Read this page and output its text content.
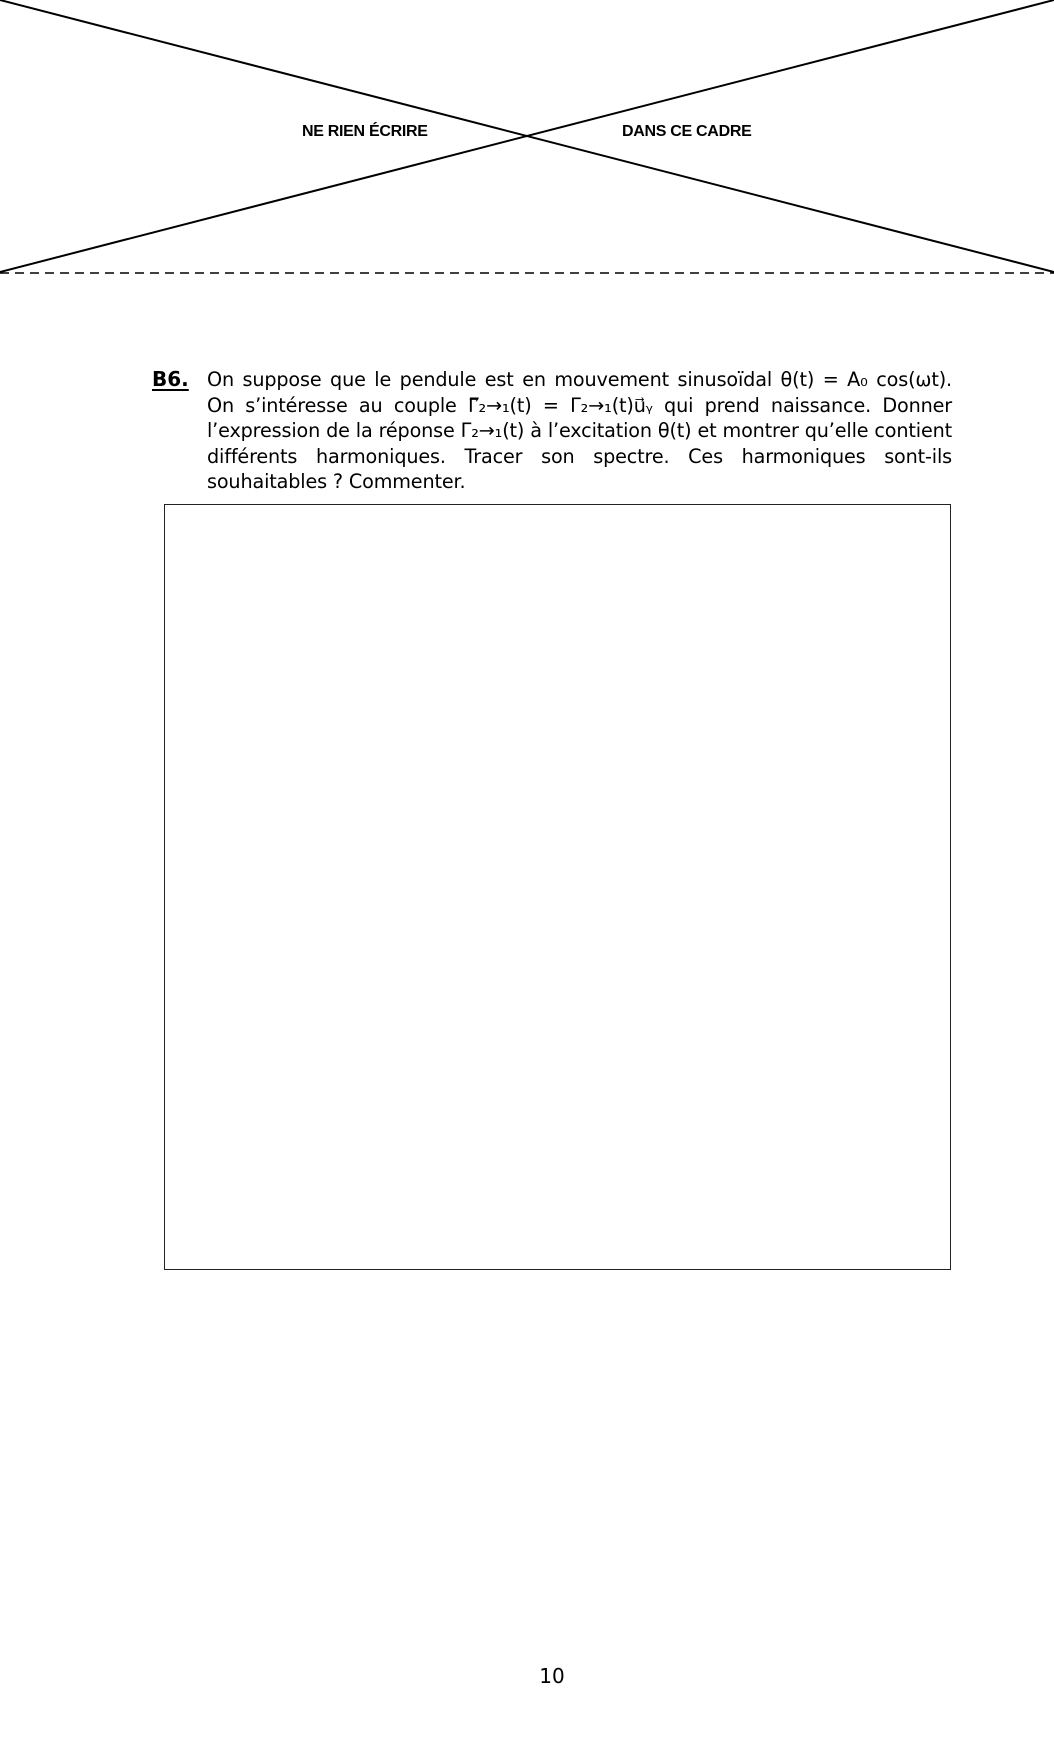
NE RIEN ÉCRIRE	DANS CE CADRE
B6. On suppose que le pendule est en mouvement sinusoïdal θ(t) = A₀ cos(ωt). On s’intéresse au couple Γ⃗₂→₁(t) = Γ₂→₁(t)u⃗ᵧ qui prend naissance. Donner l’expression de la réponse Γ₂→₁(t) à l’excitation θ(t) et montrer qu’elle contient différents harmoniques. Tracer son spectre. Ces harmoniques sont-ils souhaitables ? Commenter.
10
